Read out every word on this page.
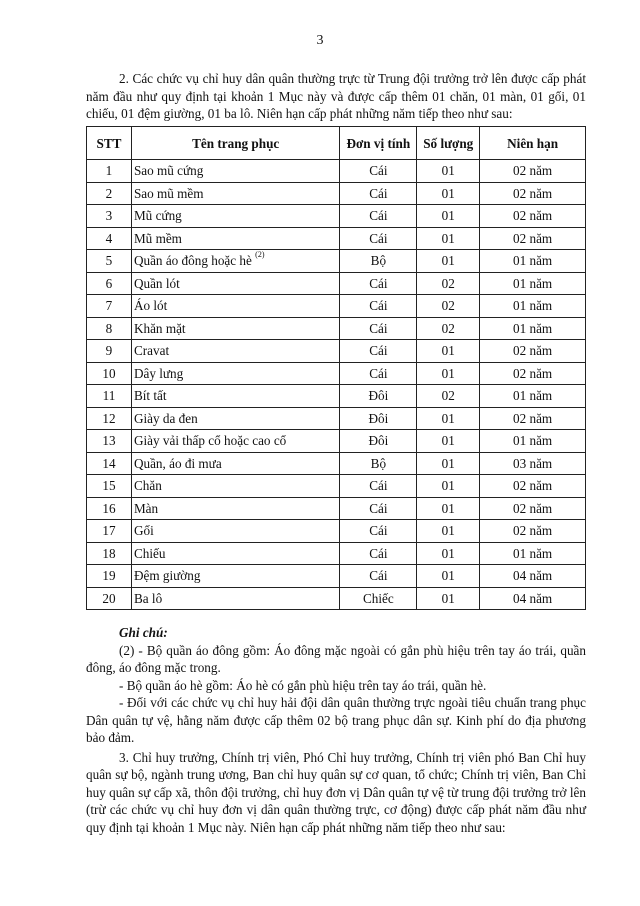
3

2. Các chức vụ chỉ huy dân quân thường trực từ Trung đội trưởng trở lên được cấp phát năm đầu như quy định tại khoản 1 Mục này và được cấp thêm 01 chăn, 01 màn, 01 gối, 01 chiếu, 01 đệm giường, 01 ba lô. Niên hạn cấp phát những năm tiếp theo như sau:

STT	Tên trang phục	Đơn vị tính	Số lượng	Niên hạn
1	Sao mũ cứng	Cái	01	02 năm
2	Sao mũ mềm	Cái	01	02 năm
3	Mũ cứng	Cái	01	02 năm
4	Mũ mềm	Cái	01	02 năm
5	Quần áo đông hoặc hè $^{(2)}$	Bộ	01	01 năm
6	Quần lót	Cái	02	01 năm
7	Áo lót	Cái	02	01 năm
8	Khăn mặt	Cái	02	01 năm
9	Cravat	Cái	01	02 năm
10	Dây lưng	Cái	01	02 năm
11	Bít tất	Đôi	02	01 năm
12	Giày da đen	Đôi	01	02 năm
13	Giày vải thấp cổ hoặc cao cổ	Đôi	01	01 năm
14	Quần, áo đi mưa	Bộ	01	03 năm
15	Chăn	Cái	01	02 năm
16	Màn	Cái	01	02 năm
17	Gối	Cái	01	02 năm
18	Chiếu	Cái	01	01 năm
19	Đệm giường	Cái	01	04 năm
20	Ba lô	Chiếc	01	04 năm

Ghi chú:

(2) - Bộ quần áo đông gồm: Áo đông mặc ngoài có gắn phù hiệu trên tay áo trái, quần đông, áo đông mặc trong.

- Bộ quần áo hè gồm: Áo hè có gắn phù hiệu trên tay áo trái, quần hè.

- Đối với các chức vụ chỉ huy hải đội dân quân thường trực ngoài tiêu chuẩn trang phục Dân quân tự vệ, hằng năm được cấp thêm 02 bộ trang phục dân sự. Kinh phí do địa phương bảo đảm.

3. Chỉ huy trưởng, Chính trị viên, Phó Chỉ huy trưởng, Chính trị viên phó Ban Chỉ huy quân sự bộ, ngành trung ương, Ban chỉ huy quân sự cơ quan, tổ chức; Chính trị viên, Ban Chỉ huy quân sự cấp xã, thôn đội trưởng, chỉ huy đơn vị Dân quân tự vệ từ trung đội trưởng trở lên (trừ các chức vụ chỉ huy đơn vị dân quân thường trực, cơ động) được cấp phát năm đầu như quy định tại khoản 1 Mục này. Niên hạn cấp phát những năm tiếp theo như sau:
